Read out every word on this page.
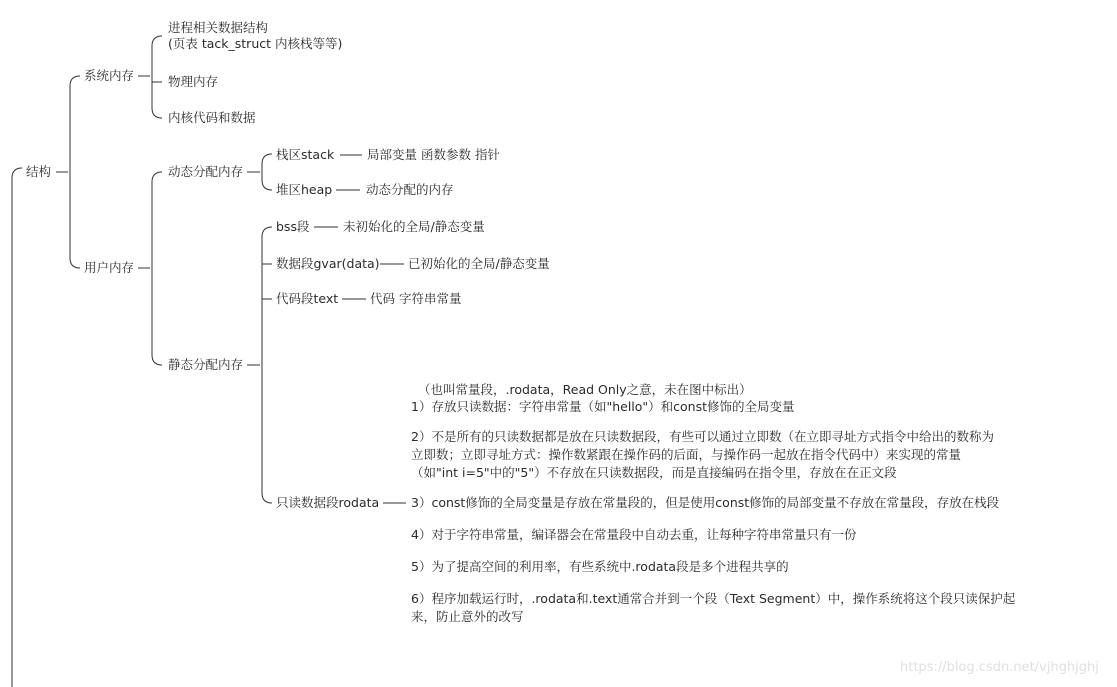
结构
系统内存
用户内存
进程相关数据结构
(页表 tack_struct 内核栈等等)
物理内存
内核代码和数据
动态分配内存
栈区stack	局部变量 函数参数 指针
堆区heap	动态分配的内存
静态分配内存
bss段	未初始化的全局/静态变量
数据段gvar(data) 已初始化的全局/静态变量
代码段text	代码 字符串常量
只读数据段rodata
（也叫常量段，.rodata，Read Only之意，未在图中标出）
1）存放只读数据：字符串常量（如"hello"）和const修饰的全局变量
2）不是所有的只读数据都是放在只读数据段，有些可以通过立即数（在立即寻址方式指令中给出的数称为立即数；立即寻址方式：操作数紧跟在操作码的后面，与操作码一起放在指令代码中）来实现的常量（如"int i=5"中的"5"）不存放在只读数据段，而是直接编码在指令里，存放在在正文段
3）const修饰的全局变量是存放在常量段的，但是使用const修饰的局部变量不存放在常量段，存放在栈段
4）对于字符串常量，编译器会在常量段中自动去重，让每种字符串常量只有一份
5）为了提高空间的利用率，有些系统中.rodata段是多个进程共享的
6）程序加载运行时，.rodata和.text通常合并到一个段（Text Segment）中，操作系统将这个段只读保护起来，防止意外的改写
https://blog.csdn.net/vjhghjghj
